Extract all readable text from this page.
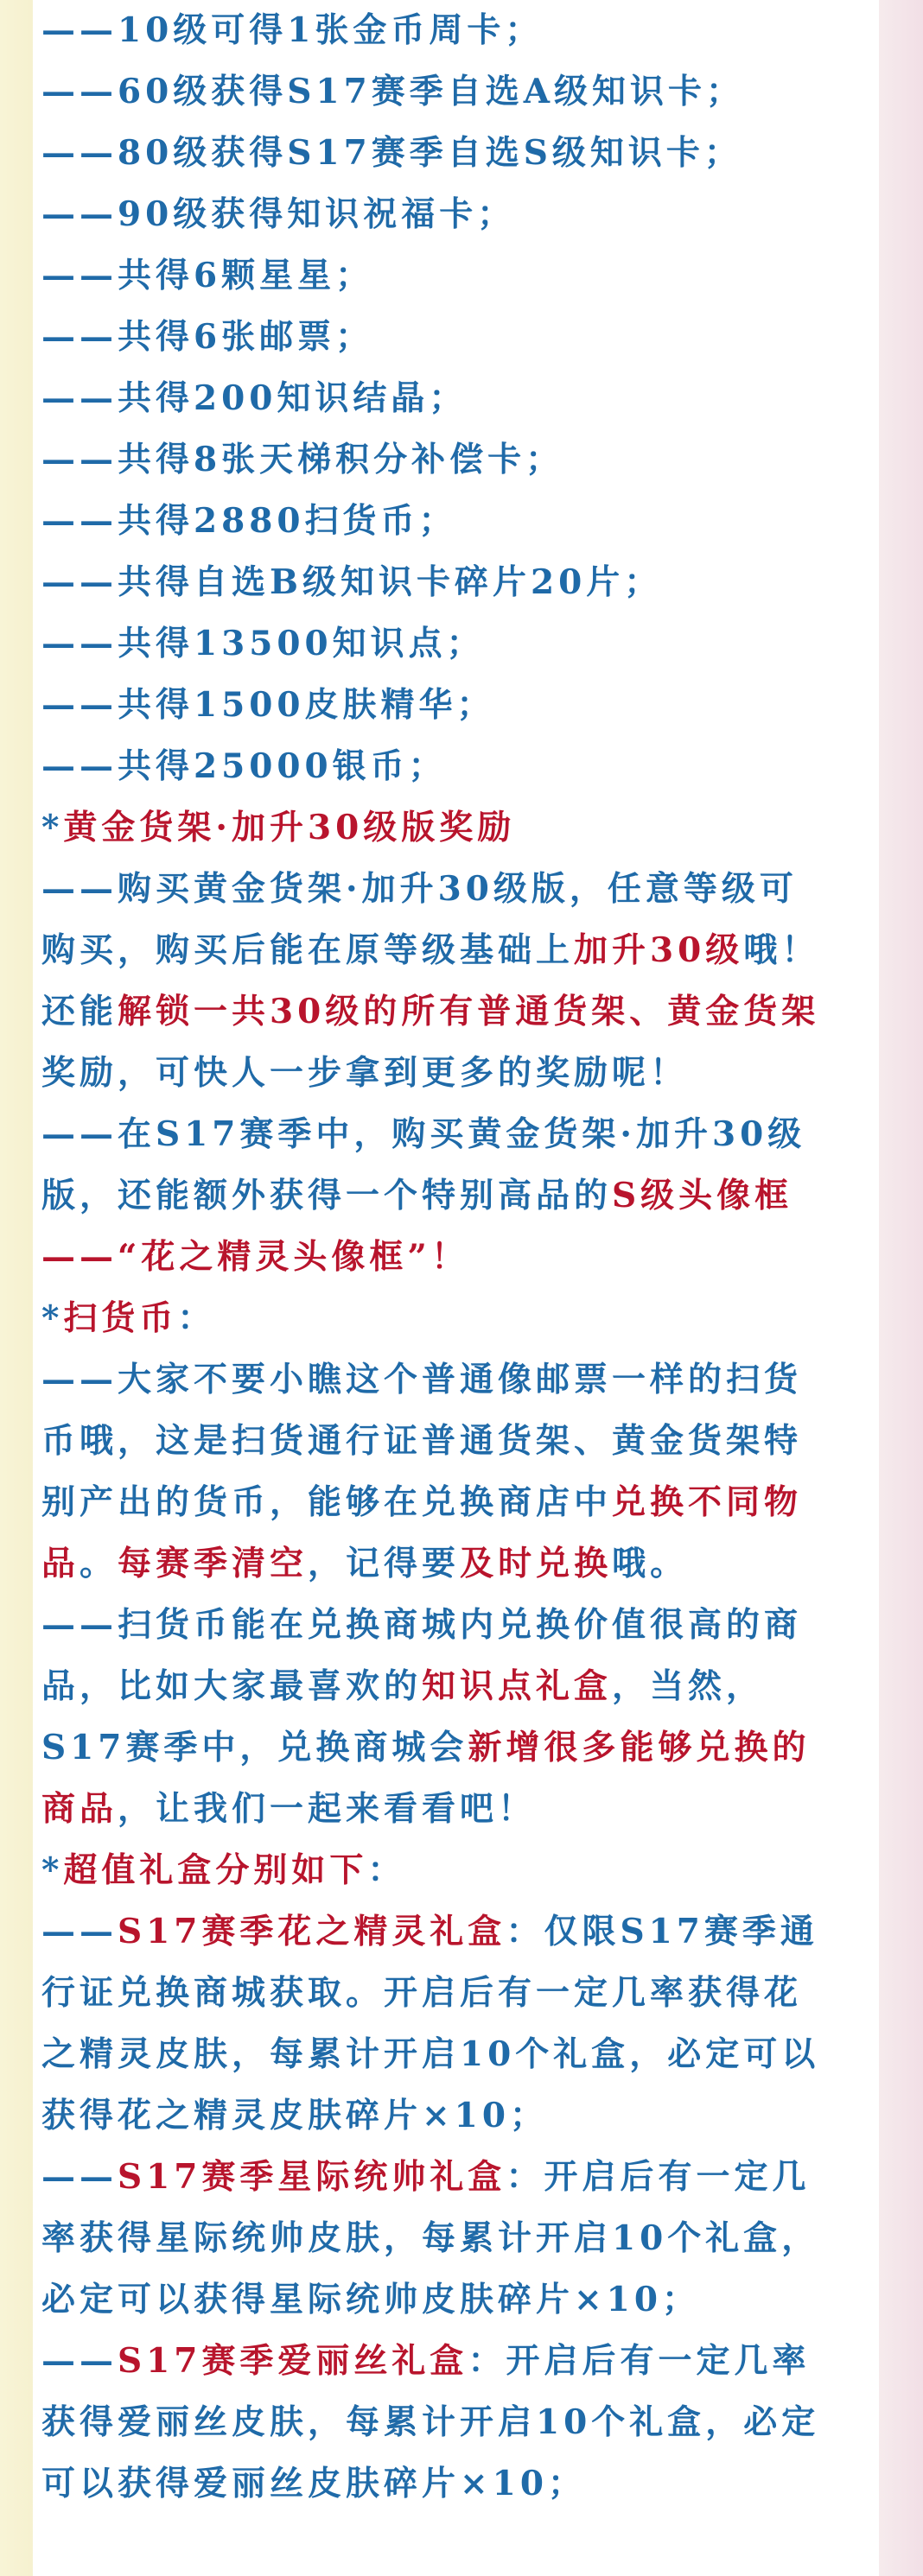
——10级可得1张金币周卡；
——60级获得S17赛季自选A级知识卡；
——80级获得S17赛季自选S级知识卡；
——90级获得知识祝福卡；
——共得6颗星星；
——共得6张邮票；
——共得200知识结晶；
——共得8张天梯积分补偿卡；
——共得2880扫货币；
——共得自选B级知识卡碎片20片；
——共得13500知识点；
——共得1500皮肤精华；
——共得25000银币；
*黄金货架·加升30级版奖励
——购买黄金货架·加升30级版，任意等级可
购买，购买后能在原等级基础上加升30级哦！
还能解锁一共30级的所有普通货架、黄金货架
奖励，可快人一步拿到更多的奖励呢！
——在S17赛季中，购买黄金货架·加升30级
版，还能额外获得一个特别高品的S级头像框
——“花之精灵头像框”！
*扫货币：
——大家不要小瞧这个普通像邮票一样的扫货
币哦，这是扫货通行证普通货架、黄金货架特
别产出的货币，能够在兑换商店中兑换不同物
品。每赛季清空，记得要及时兑换哦。
——扫货币能在兑换商城内兑换价值很高的商
品，比如大家最喜欢的知识点礼盒，当然，
S17赛季中，兑换商城会新增很多能够兑换的
商品，让我们一起来看看吧！
*超值礼盒分别如下：
——S17赛季花之精灵礼盒：仅限S17赛季通
行证兑换商城获取。开启后有一定几率获得花
之精灵皮肤，每累计开启10个礼盒，必定可以
获得花之精灵皮肤碎片×10；
——S17赛季星际统帅礼盒：开启后有一定几
率获得星际统帅皮肤，每累计开启10个礼盒，
必定可以获得星际统帅皮肤碎片×10；
——S17赛季爱丽丝礼盒：开启后有一定几率
获得爱丽丝皮肤，每累计开启10个礼盒，必定
可以获得爱丽丝皮肤碎片×10；
